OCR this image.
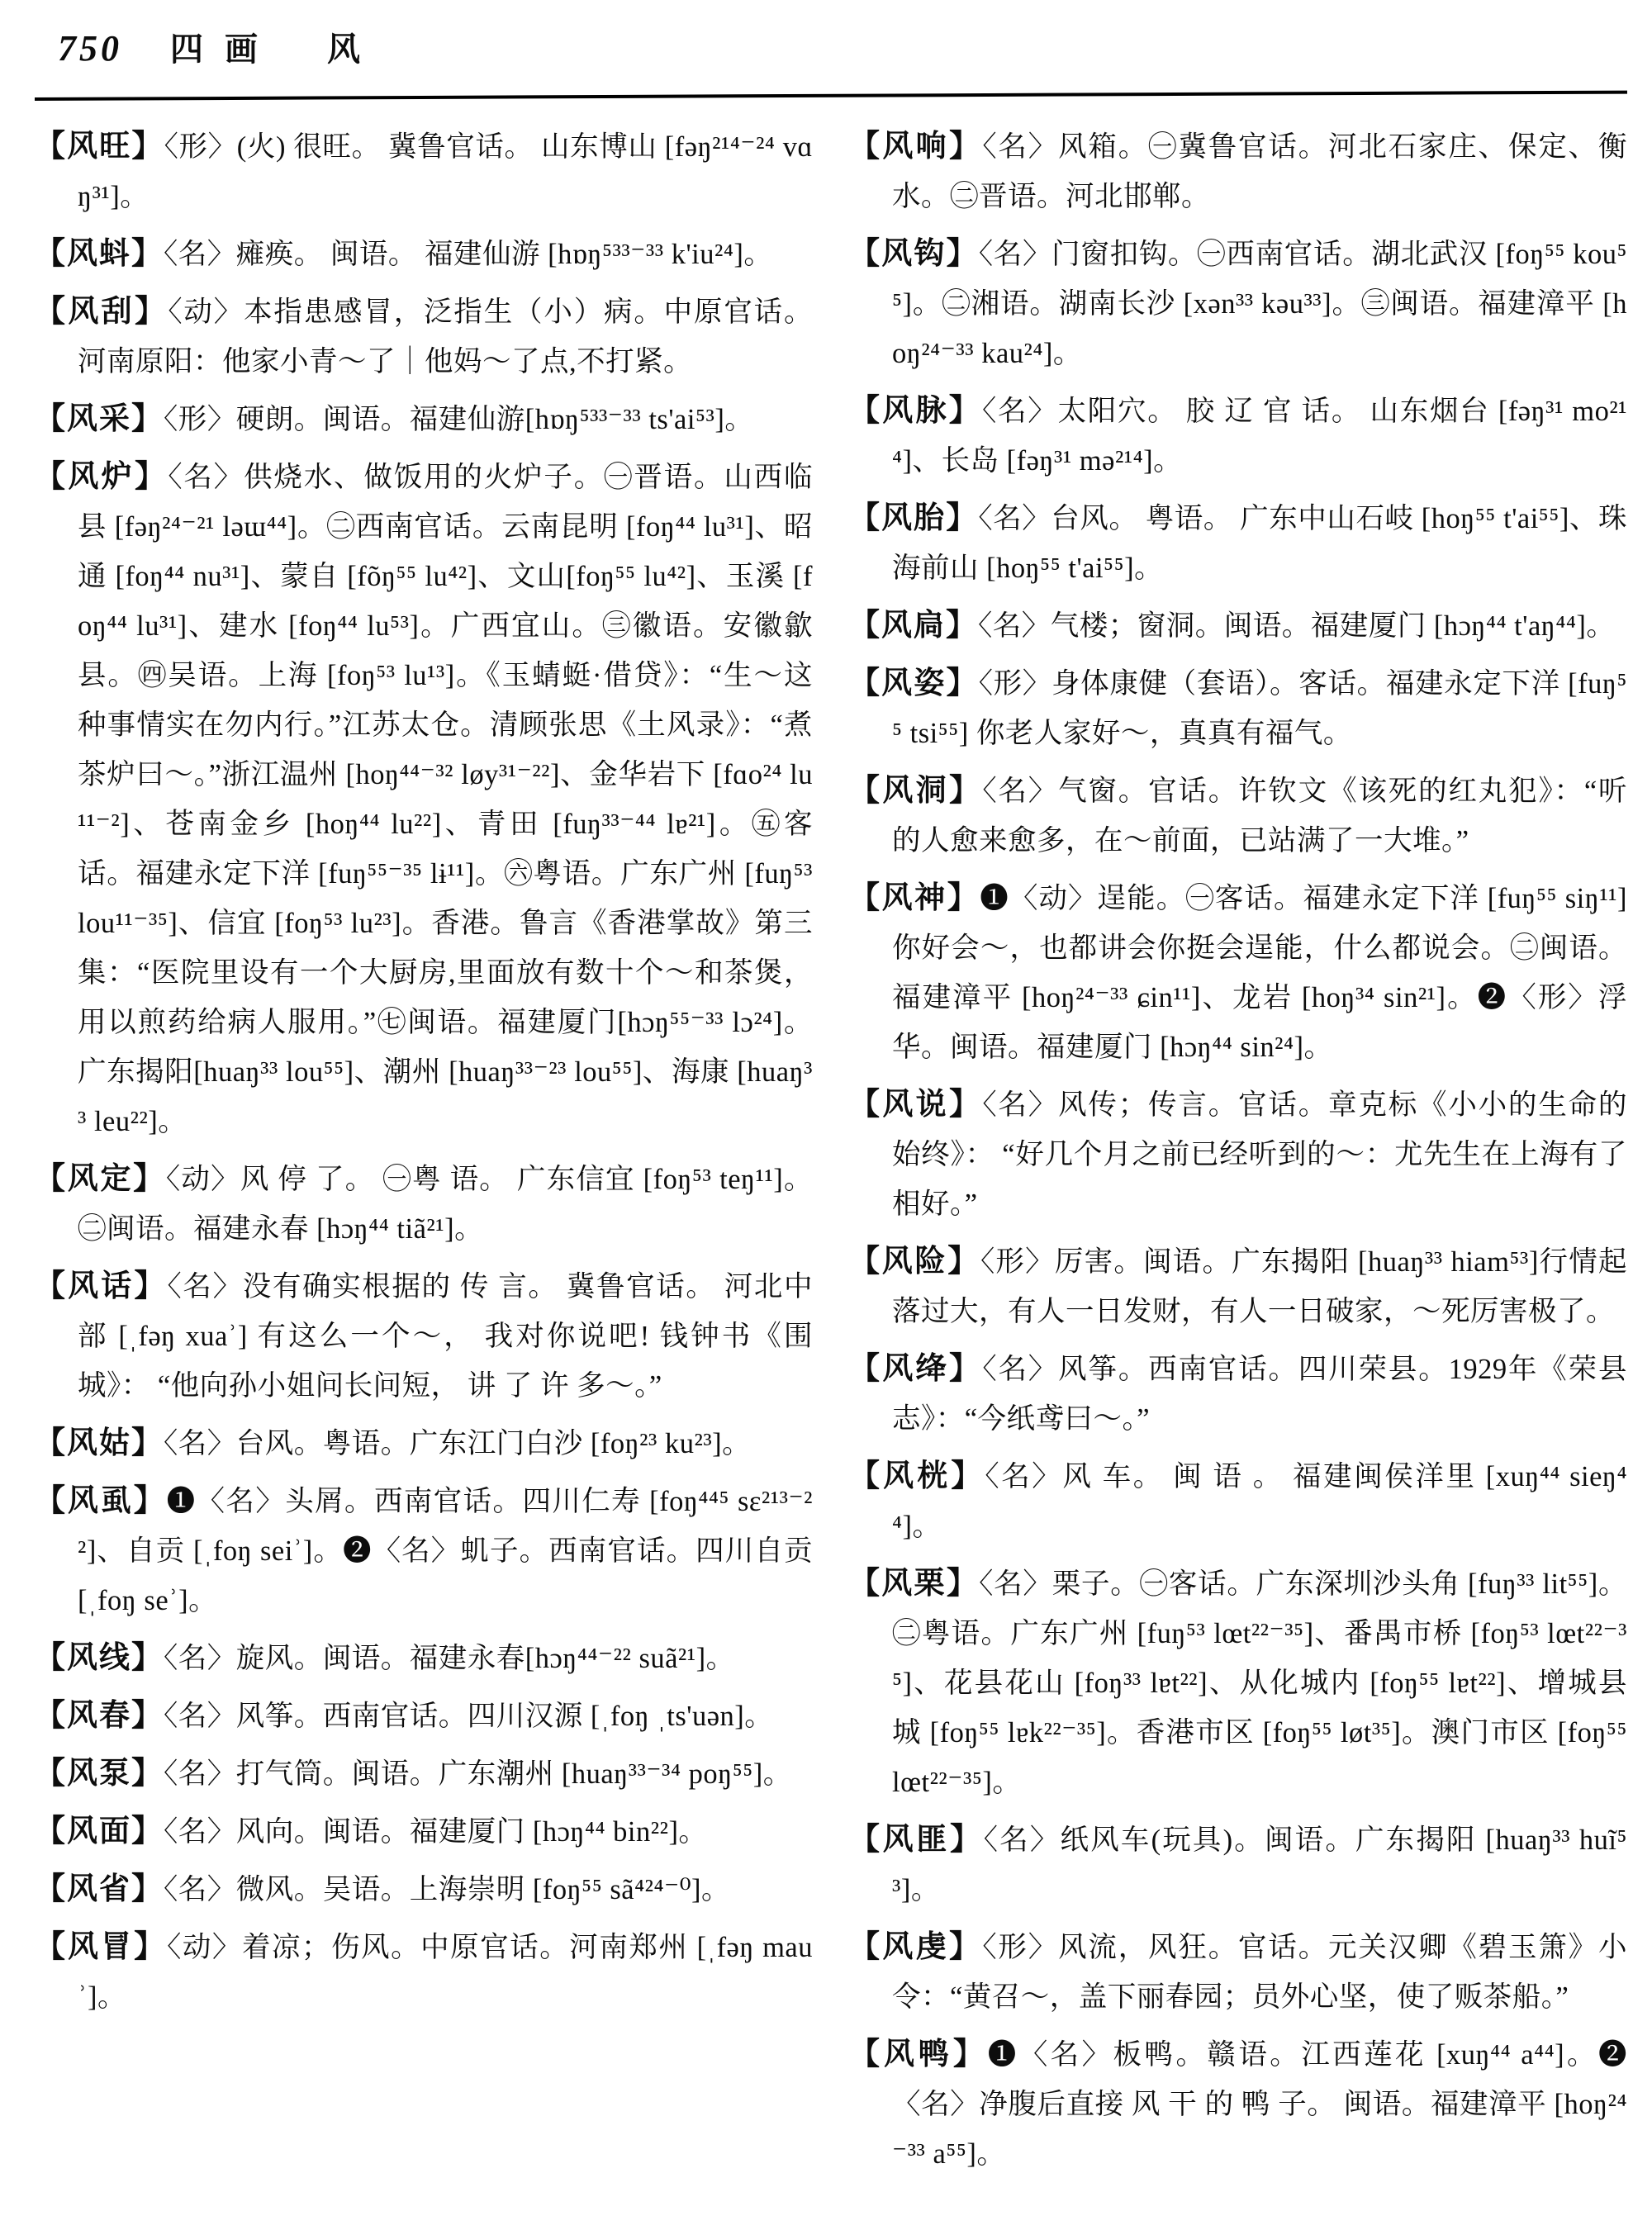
750 四画 风
【风旺】〈形〉(火) 很旺。 冀鲁官话。 山东博山 [fəŋ²¹⁴⁻²⁴ vɑŋ³¹]。
【风蚪】〈名〉瘫痪。 闽语。 福建仙游 [hɒŋ⁵³³⁻³³ k'iu²⁴]。
【风刮】〈动〉本指患感冒，泛指生（小）病。中原官话。河南原阳：他家小青～了｜他妈～了点,不打紧。
【风采】〈形〉硬朗。闽语。福建仙游[hɒŋ⁵³³⁻³³ ts'ai⁵³]。
【风炉】〈名〉供烧水、做饭用的火炉子。㊀晋语。山西临县 [fəŋ²⁴⁻²¹ ləɯ⁴⁴]。㊁西南官话。云南昆明 [foŋ⁴⁴ lu³¹]、昭通 [foŋ⁴⁴ nu³¹]、蒙自 [fõŋ⁵⁵ lu⁴²]、文山[foŋ⁵⁵ lu⁴²]、玉溪 [foŋ⁴⁴ lu³¹]、建水 [foŋ⁴⁴ lu⁵³]。广西宜山。㊂徽语。安徽歙县。㊃吴语。上海 [foŋ⁵³ lu¹³]。《玉蜻蜓·借贷》：“生～这种事情实在勿内行。”江苏太仓。清顾张思《土风录》：“煮茶炉曰～。”浙江温州 [hoŋ⁴⁴⁻³² løy³¹⁻²²]、金华岩下 [fɑo²⁴ lu¹¹⁻²]、苍南金乡 [hoŋ⁴⁴ lu²²]、青田 [fuŋ³³⁻⁴⁴ lɐ²¹]。㊄客话。福建永定下洋 [fuŋ⁵⁵⁻³⁵ lɨ¹¹]。㊅粤语。广东广州 [fuŋ⁵³ lou¹¹⁻³⁵]、信宜 [foŋ⁵³ lu²³]。香港。鲁言《香港掌故》第三集：“医院里设有一个大厨房,里面放有数十个～和茶煲，用以煎药给病人服用。”㊆闽语。福建厦门[hɔŋ⁵⁵⁻³³ lɔ²⁴]。广东揭阳[huaŋ³³ lou⁵⁵]、潮州 [huaŋ³³⁻²³ lou⁵⁵]、海康 [huaŋ³³ leu²²]。
【风定】〈动〉风 停 了。 ㊀粤 语。 广东信宜 [foŋ⁵³ teŋ¹¹]。㊁闽语。福建永春 [hɔŋ⁴⁴ tiã²¹]。
【风话】〈名〉没有确实根据的 传 言。 冀鲁官话。 河北中部 [ˌfəŋ xuaʾ] 有这么一个～， 我对你说吧! 钱钟书《围城》： “他向孙小姐问长问短， 讲 了 许 多～。”
【风姑】〈名〉台风。粤语。广东江门白沙 [foŋ²³ ku²³]。
【风虱】❶〈名〉头屑。西南官话。四川仁寿 [foŋ⁴⁴⁵ sɛ²¹³⁻²²]、自贡 [ˌfoŋ seiʾ]。❷〈名〉虮子。西南官话。四川自贡 [ˌfoŋ seʾ]。
【风线】〈名〉旋风。闽语。福建永春[hɔŋ⁴⁴⁻²² suã²¹]。
【风春】〈名〉风筝。西南官话。四川汉源 [ˌfoŋ ˌts'uən]。
【风泵】〈名〉打气筒。闽语。广东潮州 [huaŋ³³⁻³⁴ poŋ⁵⁵]。
【风面】〈名〉风向。闽语。福建厦门 [hɔŋ⁴⁴ bin²²]。
【风省】〈名〉微风。吴语。上海崇明 [foŋ⁵⁵ sã⁴²⁴⁻⁰]。
【风冒】〈动〉着凉；伤风。中原官话。河南郑州 [ˌfəŋ mauʾ]。
【风响】〈名〉风箱。㊀冀鲁官话。河北石家庄、保定、衡水。㊁晋语。河北邯郸。
【风钩】〈名〉门窗扣钩。㊀西南官话。湖北武汉 [foŋ⁵⁵ kou⁵⁵]。㊁湘语。湖南长沙 [xən³³ kəu³³]。㊂闽语。福建漳平 [hoŋ²⁴⁻³³ kau²⁴]。
【风脉】〈名〉太阳穴。 胶 辽 官 话。 山东烟台 [fəŋ³¹ mo²¹⁴]、长岛 [fəŋ³¹ mə²¹⁴]。
【风胎】〈名〉台风。 粤语。 广东中山石岐 [hoŋ⁵⁵ t'ai⁵⁵]、珠海前山 [hoŋ⁵⁵ t'ai⁵⁵]。
【风扃】〈名〉气楼；窗洞。闽语。福建厦门 [hɔŋ⁴⁴ t'aŋ⁴⁴]。
【风姿】〈形〉身体康健（套语）。客话。福建永定下洋 [fuŋ⁵⁵ tsi⁵⁵] 你老人家好～，真真有福气。
【风洞】〈名〉气窗。官话。许钦文《该死的红丸犯》：“听的人愈来愈多，在～前面，已站满了一大堆。”
【风神】❶〈动〉逞能。㊀客话。福建永定下洋 [fuŋ⁵⁵ siŋ¹¹]你好会～，也都讲会你挺会逞能，什么都说会。㊁闽语。福建漳平 [hoŋ²⁴⁻³³ ɕin¹¹]、龙岩 [hoŋ³⁴ sin²¹]。❷〈形〉浮华。闽语。福建厦门 [hɔŋ⁴⁴ sin²⁴]。
【风说】〈名〉风传；传言。官话。章克标《小小的生命的始终》： “好几个月之前已经听到的～：尤先生在上海有了相好。”
【风险】〈形〉厉害。闽语。广东揭阳 [huaŋ³³ hiam⁵³]行情起落过大，有人一日发财，有人一日破家，～死厉害极了。
【风绛】〈名〉风筝。西南官话。四川荣县。1929年《荣县志》：“今纸鸢曰～。”
【风桄】〈名〉风 车。 闽 语 。 福建闽侯洋里 [xuŋ⁴⁴ sieŋ⁴⁴]。
【风栗】〈名〉栗子。㊀客话。广东深圳沙头角 [fuŋ³³ lit⁵⁵]。㊁粤语。广东广州 [fuŋ⁵³ lœt²²⁻³⁵]、番禺市桥 [foŋ⁵³ lœt²²⁻³⁵]、花县花山 [foŋ³³ lɐt²²]、从化城内 [foŋ⁵⁵ lɐt²²]、增城县城 [foŋ⁵⁵ lɐk²²⁻³⁵]。香港市区 [foŋ⁵⁵ løt³⁵]。澳门市区 [foŋ⁵⁵ lœt²²⁻³⁵]。
【风匪】〈名〉纸风车(玩具)。闽语。广东揭阳 [huaŋ³³ huĩ⁵³]。
【风虔】〈形〉风流，风狂。官话。元关汉卿《碧玉箫》小令：“黄召～，盖下丽春园；员外心坚，使了贩茶船。”
【风鸭】❶〈名〉板鸭。赣语。江西莲花 [xuŋ⁴⁴ a⁴⁴]。❷〈名〉净腹后直接 风 干 的 鸭 子。 闽语。福建漳平 [hoŋ²⁴⁻³³ a⁵⁵]。
